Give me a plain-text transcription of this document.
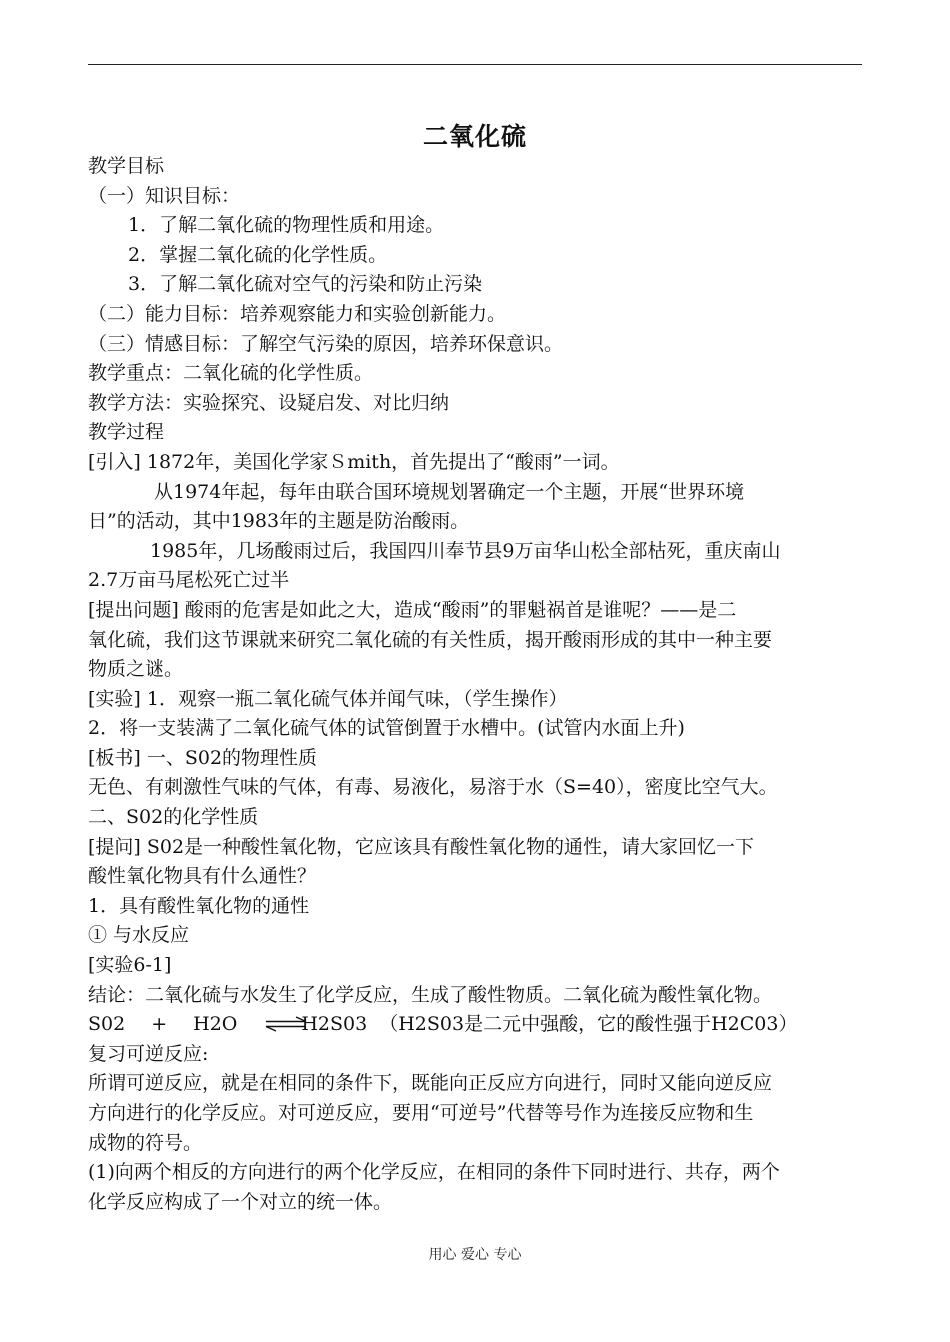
二氧化硫
教学目标
（一）知识目标：
1．了解二氧化硫的物理性质和用途。
2．掌握二氧化硫的化学性质。
3．了解二氧化硫对空气的污染和防止污染
（二）能力目标：培养观察能力和实验创新能力。
（三）情感目标：了解空气污染的原因，培养环保意识。
教学重点：二氧化硫的化学性质。
教学方法：实验探究、设疑启发、对比归纳
教学过程
[引入] 1872年，美国化学家Ｓmith，首先提出了“酸雨”一词。
从1974年起，每年由联合国环境规划署确定一个主题，开展“世界环境
日”的活动，其中1983年的主题是防治酸雨。
1985年，几场酸雨过后，我国四川奉节县9万亩华山松全部枯死，重庆南山
2.7万亩马尾松死亡过半
[提出问题] 酸雨的危害是如此之大，造成“酸雨”的罪魁祸首是谁呢？——是二
氧化硫，我们这节课就来研究二氧化硫的有关性质，揭开酸雨形成的其中一种主要
物质之谜。
[实验] 1．观察一瓶二氧化硫气体并闻气味，（学生操作）
2．将一支装满了二氧化硫气体的试管倒置于水槽中。(试管内水面上升)
[板书] 一、S02的物理性质
无色、有刺激性气味的气体，有毒、易液化，易溶于水（S=40），密度比空气大。
二、S02的化学性质
[提问] S02是一种酸性氧化物，它应该具有酸性氧化物的通性，请大家回忆一下
酸性氧化物具有什么通性？
1．具有酸性氧化物的通性
① 与水反应
[实验6-1]
结论：二氧化硫与水发生了化学反应，生成了酸性物质。二氧化硫为酸性氧化物。
S02 + H2O ⇌H2S03 （H2S03是二元中强酸，它的酸性强于H2C03）
复习可逆反应:
所谓可逆反应，就是在相同的条件下，既能向正反应方向进行，同时又能向逆反应
方向进行的化学反应。对可逆反应，要用“可逆号”代替等号作为连接反应物和生
成物的符号。
(1)向两个相反的方向进行的两个化学反应，在相同的条件下同时进行、共存，两个
化学反应构成了一个对立的统一体。
用心 爱心 专心
